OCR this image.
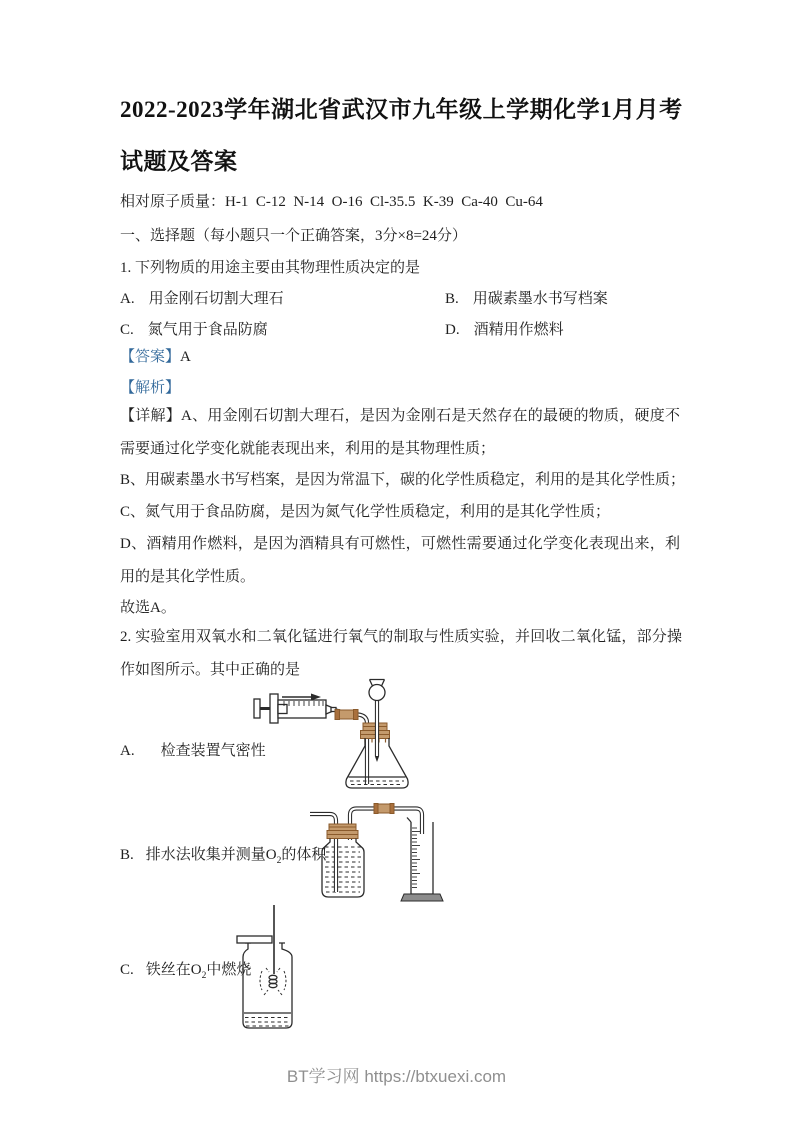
2022-2023学年湖北省武汉市九年级上学期化学1月月考试题及答案
相对原子质量：H-1  C-12  N-14  O-16  Cl-35.5  K-39  Ca-40  Cu-64
一、选择题（每小题只一个正确答案，3分×8=24分）
1. 下列物质的用途主要由其物理性质决定的是
A. 用金刚石切割大理石	B. 用碳素墨水书写档案
C. 氮气用于食品防腐	D. 酒精用作燃料
【答案】A
【解析】
【详解】A、用金刚石切割大理石，是因为金刚石是天然存在的最硬的物质，硬度不需要通过化学变化就能表现出来，利用的是其物理性质；
B、用碳素墨水书写档案，是因为常温下，碳的化学性质稳定，利用的是其化学性质；
C、氮气用于食品防腐，是因为氮气化学性质稳定，利用的是其化学性质；
D、酒精用作燃料，是因为酒精具有可燃性，可燃性需要通过化学变化表现出来，利用的是其化学性质。
故选A。
2. 实验室用双氧水和二氧化锰进行氧气的制取与性质实验，并回收二氧化锰，部分操作如图所示。其中正确的是
A. 检查装置气密性
B. 排水法收集并测量$O_2$的体积
C. 铁丝在$O_2$中燃烧
BT学习网 https://btxuexi.com
